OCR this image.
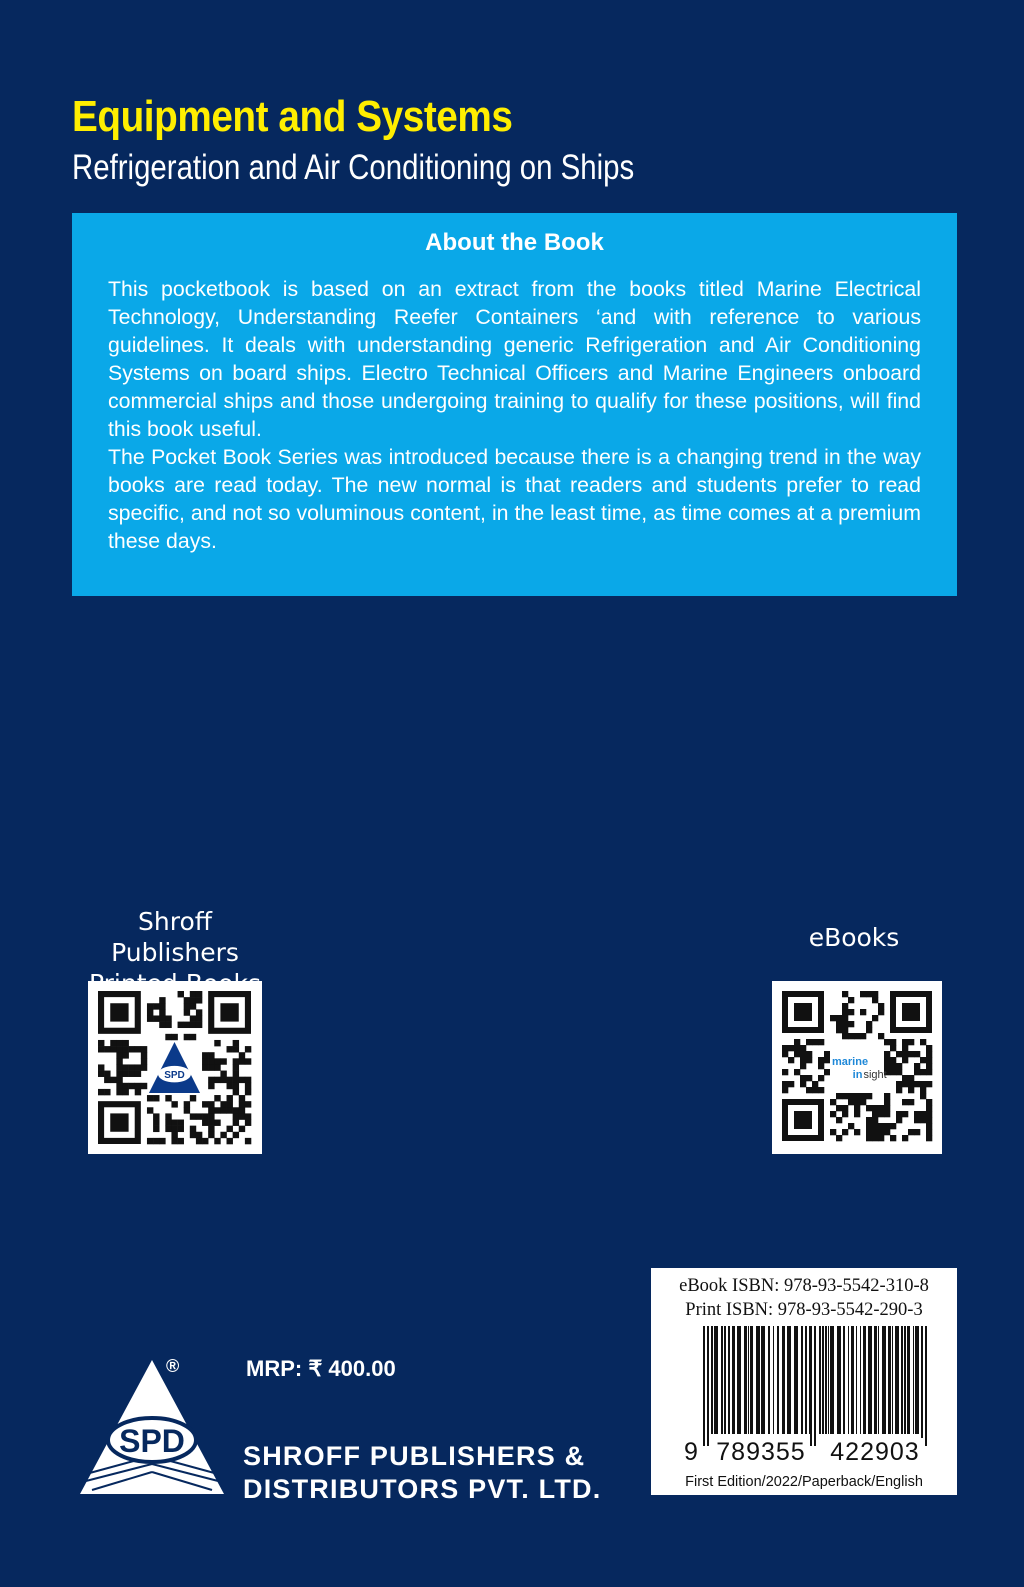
Equipment and Systems
Refrigeration and Air Conditioning on Ships
About the Book

This pocketbook is based on an extract from the books titled Marine Electrical Technology, Understanding Reefer Containers ‘and with reference to various guidelines. It deals with understanding generic Refrigeration and Air Conditioning Systems on board ships. Electro Technical Officers and Marine Engineers onboard commercial ships and those undergoing training to qualify for these positions, will find this book useful.

The Pocket Book Series was introduced because there is a changing trend in the way books are read today. The new normal is that readers and students prefer to read specific, and not so voluminous content, in the least time, as time comes at a premium these days.

Shroff Publishers
SPD
eBooks
marine
in sight
eBook ISBN: 978-93-5542-310-8
Print ISBN: 978-93-5542-290-3
9 789355 422903
First Edition/2022/Paperback/English
MRP: ₹ 400.00
SPD
®
SHROFF PUBLISHERS &
DISTRIBUTORS PVT. LTD.
